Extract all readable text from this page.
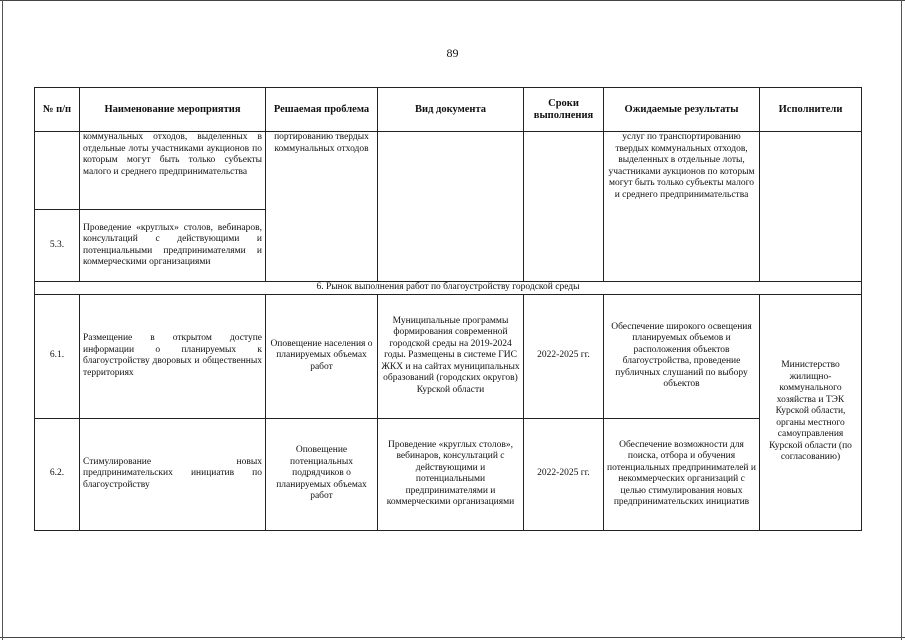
89
№ п/п	Наименование мероприятия	Решаемая проблема	Вид документа	Сроки выполнения	Ожидаемые результаты	Исполнители
	коммунальных отходов, выделенных в отдельные лоты участниками аукционов по которым могут быть только субъекты малого и среднего предпринимательства	портированию твердых коммунальных отходов			услуг по транспортированию твердых коммунальных отходов, выделенных в отдельные лоты, участниками аукционов по которым могут быть только субъекты малого и среднего предпринимательства	
5.3.	Проведение «круглых» столов, вебинаров, консультаций с действующими и потенциальными предпринимателями и коммерческими организациями					
6. Рынок выполнения работ по благоустройству городской среды						
6.1.	Размещение в открытом доступе информации о планируемых к благоустройству дворовых и общественных территориях	Оповещение населения о планируемых объемах работ	Муниципальные программы формирования современной городской среды на 2019-2024 годы. Размещены в системе ГИС ЖКХ и на сайтах муниципальных образований (городских округов) Курской области	2022-2025 гг.	Обеспечение широкого освещения планируемых объемов и расположения объектов благоустройства, проведение публичных слушаний по выбору объектов	Министерство жилищно-коммунального хозяйства и ТЭК Курской области, органы местного самоуправления Курской области (по согласованию)
6.2.	Стимулирование новых предпринимательских инициатив по благоустройству	Оповещение потенциальных подрядчиков о планируемых объемах работ	Проведение «круглых столов», вебинаров, консультаций с действующими и потенциальными предпринимателями и коммерческими организациями	2022-2025 гг.	Обеспечение возможности для поиска, отбора и обучения потенциальных предпринимателей и некоммерческих организаций с целью стимулирования новых предпринимательских инициатив	
